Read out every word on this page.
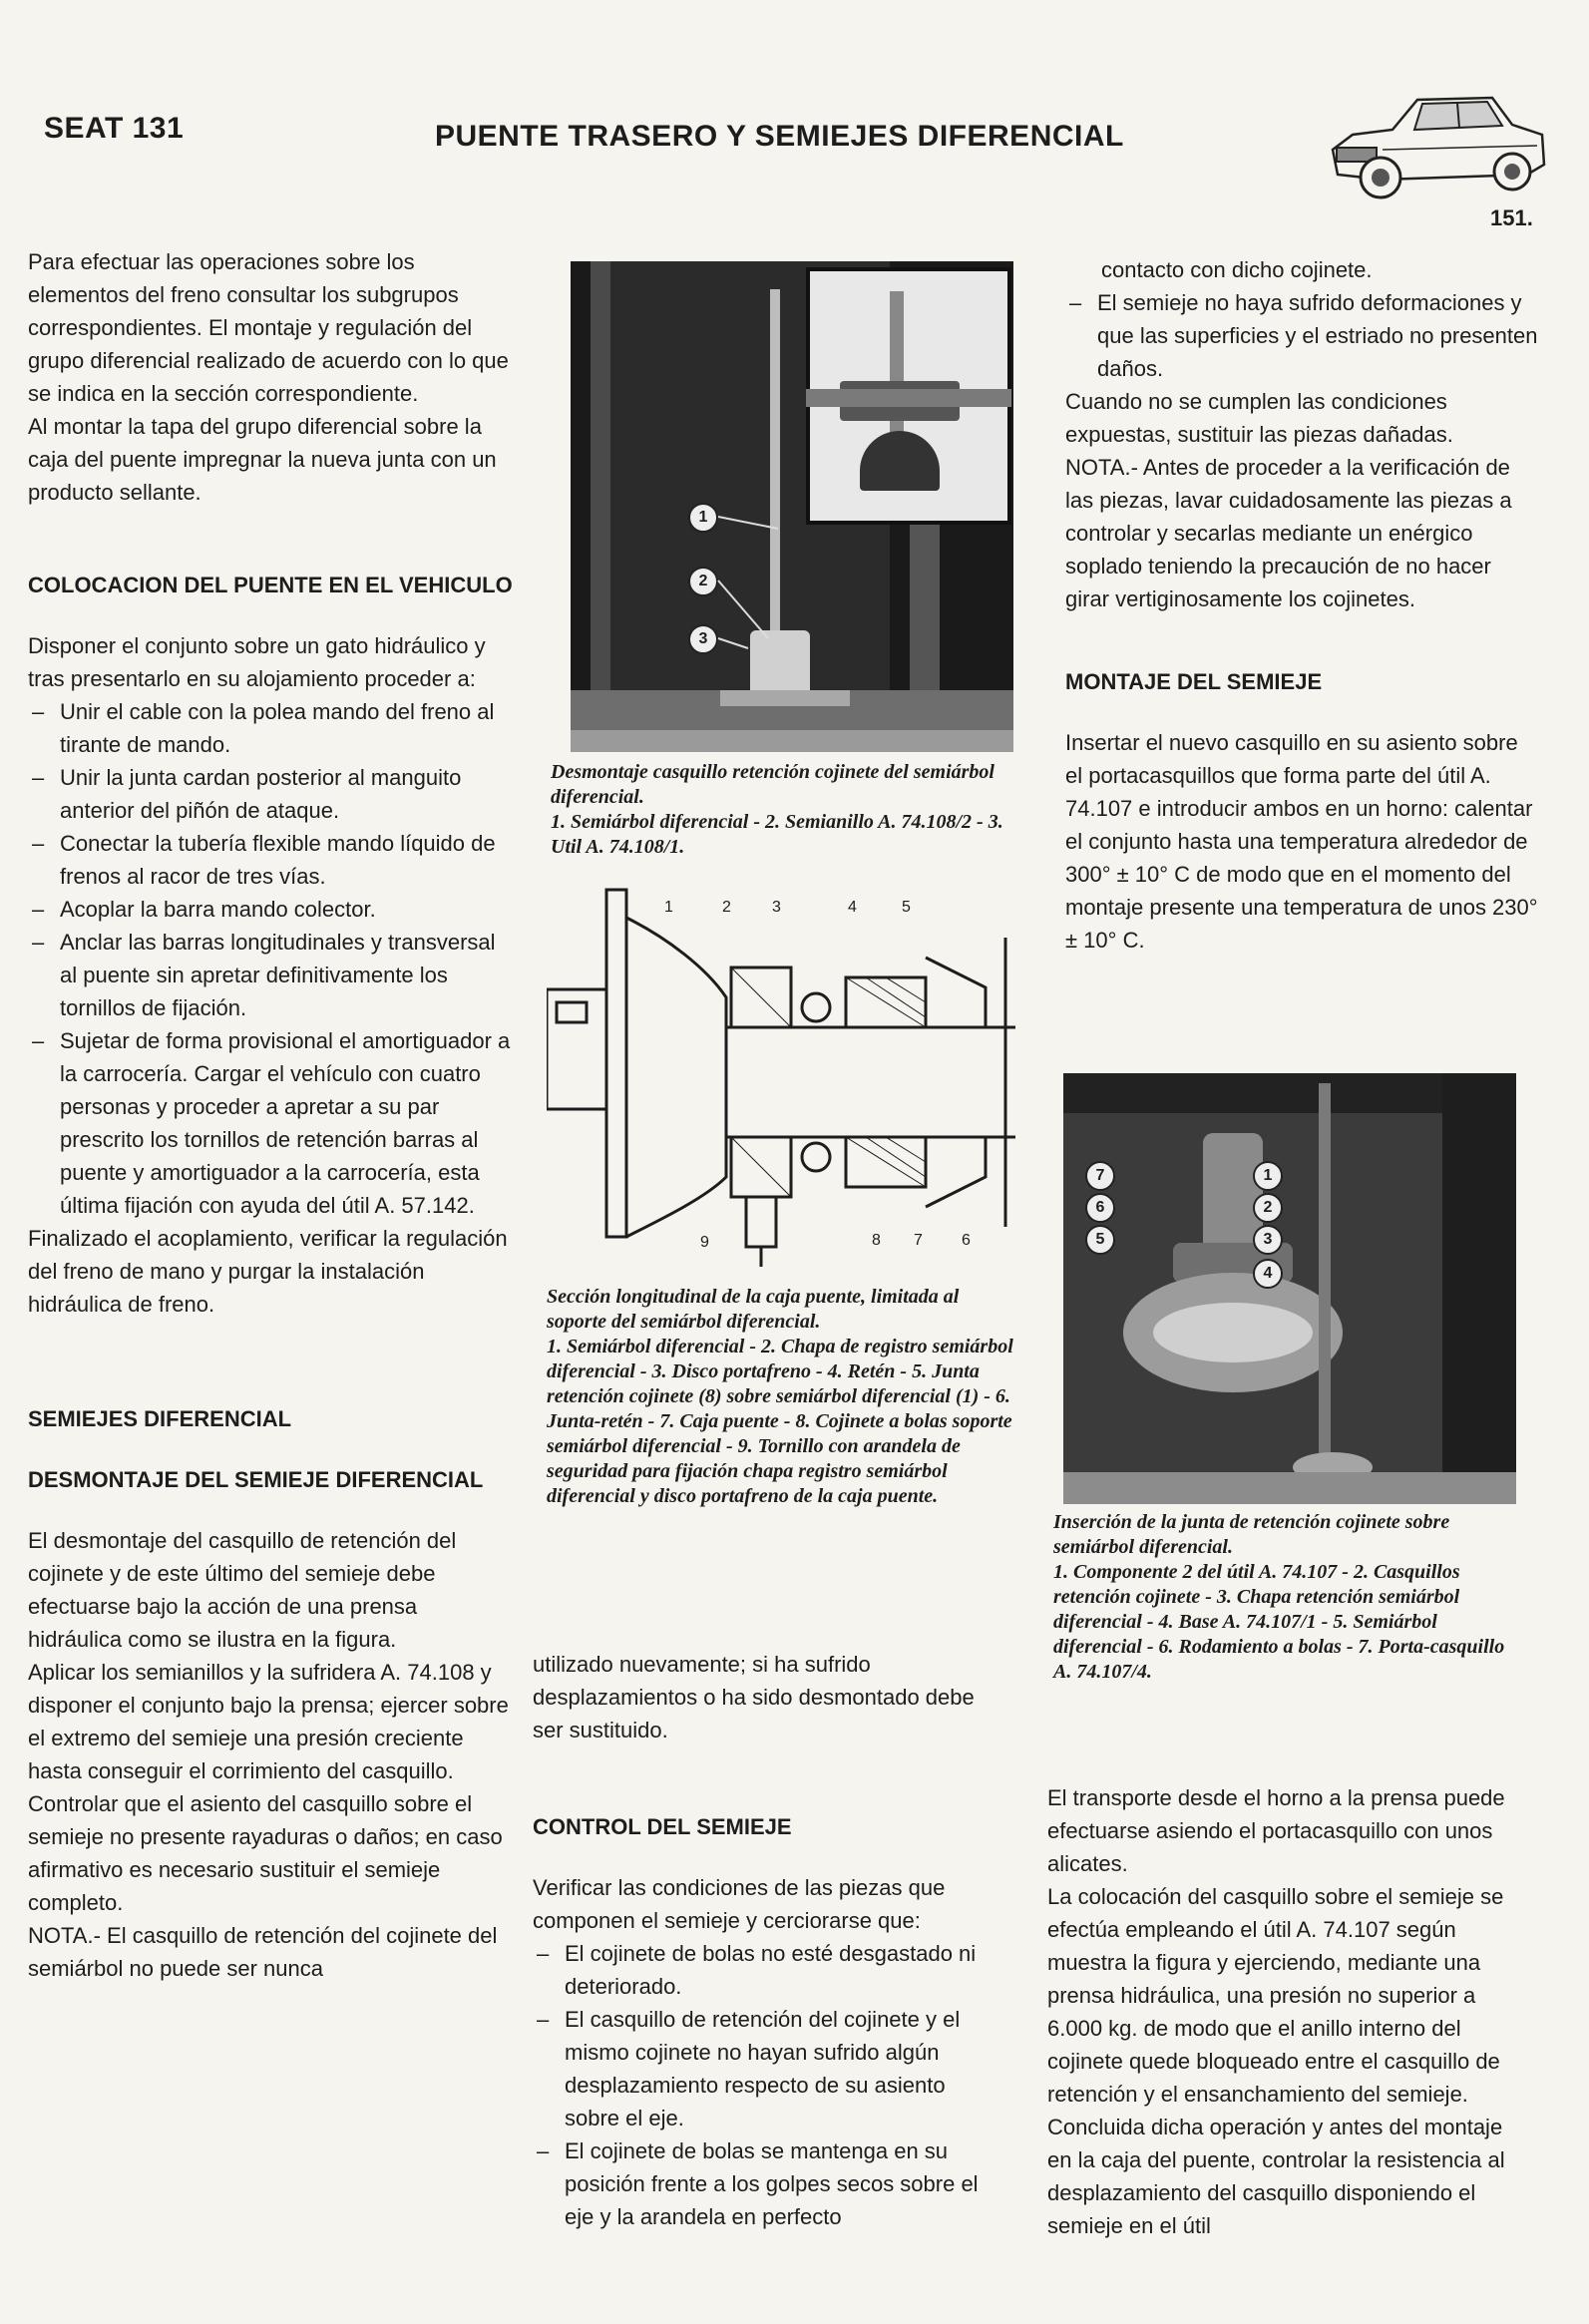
SEAT 131	PUENTE TRASERO Y SEMIEJES DIFERENCIAL
151.

Para efectuar las operaciones sobre los elementos del freno consultar los subgrupos correspondientes. El montaje y regulación del grupo diferencial realizado de acuerdo con lo que se indica en la sección correspondiente.

Al montar la tapa del grupo diferencial sobre la caja del puente impregnar la nueva junta con un producto sellante.

COLOCACION DEL PUENTE EN EL VEHICULO

Disponer el conjunto sobre un gato hidráulico y tras presentarlo en su alojamiento proceder a:

– Unir el cable con la polea mando del freno al tirante de mando.
– Unir la junta cardan posterior al manguito anterior del piñón de ataque.
– Conectar la tubería flexible mando líquido de frenos al racor de tres vías.
– Acoplar la barra mando colector.
– Anclar las barras longitudinales y transversal al puente sin apretar definitivamente los tornillos de fijación.
– Sujetar de forma provisional el amortiguador a la carrocería. Cargar el vehículo con cuatro personas y proceder a apretar a su par prescrito los tornillos de retención barras al puente y amortiguador a la carrocería, esta última fijación con ayuda del útil A. 57.142.

Finalizado el acoplamiento, verificar la regulación del freno de mano y purgar la instalación hidráulica de freno.

SEMIEJES DIFERENCIAL

DESMONTAJE DEL SEMIEJE DIFERENCIAL

El desmontaje del casquillo de retención del cojinete y de este último del semieje debe efectuarse bajo la acción de una prensa hidráulica como se ilustra en la figura.

Aplicar los semianillos y la sufridera A. 74.108 y disponer el conjunto bajo la prensa; ejercer sobre el extremo del semieje una presión creciente hasta conseguir el corrimiento del casquillo. Controlar que el asiento del casquillo sobre el semieje no presente rayaduras o daños; en caso afirmativo es necesario sustituir el semieje completo.

NOTA.- El casquillo de retención del cojinete del semiárbol no puede ser nunca

1
2
3

Desmontaje casquillo retención cojinete del semiárbol diferencial.

1. Semiárbol diferencial - 2. Semianillo A. 74.108/2 - 3. Util A. 74.108/1.

1	2	3	4	5
9	8 7 6

Sección longitudinal de la caja puente, limitada al soporte del semiárbol diferencial.

1. Semiárbol diferencial - 2. Chapa de registro semiárbol diferencial - 3. Disco portafreno - 4. Retén - 5. Junta retención cojinete (8) sobre semiárbol diferencial (1) - 6. Junta-retén - 7. Caja puente - 8. Cojinete a bolas soporte semiárbol diferencial - 9. Tornillo con arandela de seguridad para fijación chapa registro semiárbol diferencial y disco portafreno de la caja puente.

utilizado nuevamente; si ha sufrido desplazamientos o ha sido desmontado debe ser sustituido.

CONTROL DEL SEMIEJE

Verificar las condiciones de las piezas que componen el semieje y cerciorarse que:

– El cojinete de bolas no esté desgastado ni deteriorado.
– El casquillo de retención del cojinete y el mismo cojinete no hayan sufrido algún desplazamiento respecto de su asiento sobre el eje.
– El cojinete de bolas se mantenga en su posición frente a los golpes secos sobre el eje y la arandela en perfecto

contacto con dicho cojinete.

– El semieje no haya sufrido deformaciones y que las superficies y el estriado no presenten daños.

Cuando no se cumplen las condiciones expuestas, sustituir las piezas dañadas.

NOTA.- Antes de proceder a la verificación de las piezas, lavar cuidadosamente las piezas a controlar y secarlas mediante un enérgico soplado teniendo la precaución de no hacer girar vertiginosamente los cojinetes.

MONTAJE DEL SEMIEJE

Insertar el nuevo casquillo en su asiento sobre el portacasquillos que forma parte del útil A. 74.107 e introducir ambos en un horno: calentar el conjunto hasta una temperatura alrededor de 300° ± 10° C de modo que en el momento del montaje presente una temperatura de unos 230° ± 10° C.

7
6
5
1
2
3
4

Inserción de la junta de retención cojinete sobre semiárbol diferencial.

1. Componente 2 del útil A. 74.107 - 2. Casquillos retención cojinete - 3. Chapa retención semiárbol diferencial - 4. Base A. 74.107/1 - 5. Semiárbol diferencial - 6. Rodamiento a bolas - 7. Porta-casquillo A. 74.107/4.

El transporte desde el horno a la prensa puede efectuarse asiendo el portacasquillo con unos alicates.

La colocación del casquillo sobre el semieje se efectúa empleando el útil A. 74.107 según muestra la figura y ejerciendo, mediante una prensa hidráulica, una presión no superior a 6.000 kg. de modo que el anillo interno del cojinete quede bloqueado entre el casquillo de retención y el ensanchamiento del semieje.

Concluida dicha operación y antes del montaje en la caja del puente, controlar la resistencia al desplazamiento del casquillo disponiendo el semieje en el útil
